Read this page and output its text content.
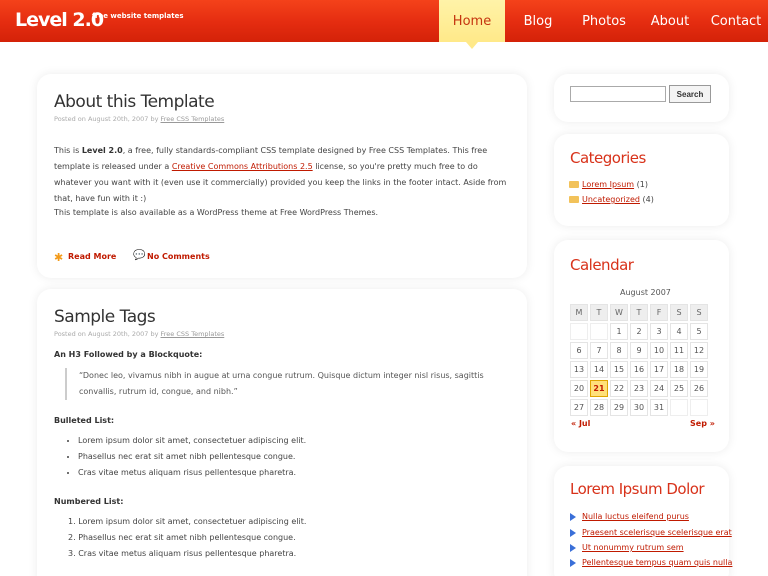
Level 2.0
free website templates	Home	Blog	Photos	About	Contact
About this Template
Posted on August 20th, 2007 by Free CSS Templates
This is Level 2.0, a free, fully standards-compliant CSS template designed by Free CSS Templates. This free template is released under a Creative Commons Attributions 2.5 license, so you're pretty much free to do whatever you want with it (even use it commercially) provided you keep the links in the footer intact. Aside from that, have fun with it :)
This template is also available as a WordPress theme at Free WordPress Themes.
✱ Read More 💬 No Comments
Sample Tags
Posted on August 20th, 2007 by Free CSS Templates
An H3 Followed by a Blockquote:
“Donec leo, vivamus nibh in augue at urna congue rutrum. Quisque dictum integer nisl risus, sagittis convallis, rutrum id, congue, and nibh.”
Bulleted List:
• Lorem ipsum dolor sit amet, consectetuer adipiscing elit.
• Phasellus nec erat sit amet nibh pellentesque congue.
• Cras vitae metus aliquam risus pellentesque pharetra.
Numbered List:
1. Lorem ipsum dolor sit amet, consectetuer adipiscing elit.
2. Phasellus nec erat sit amet nibh pellentesque congue.
3. Cras vitae metus aliquam risus pellentesque pharetra.
Search
Categories
Lorem Ipsum (1)
Uncategorized (4)
Calendar
August 2007
M	T	W	T	F	S	S
		1	2	3	4	5
6	7	8	9	10	11	12
13	14	15	16	17	18	19
20	21	22	23	24	25	26
27	28	29	30	31		
« Jul	Sep »
Lorem Ipsum Dolor
Nulla luctus eleifend purus
Praesent scelerisque scelerisque erat
Ut nonummy rutrum sem
Pellentesque tempus quam quis nulla
